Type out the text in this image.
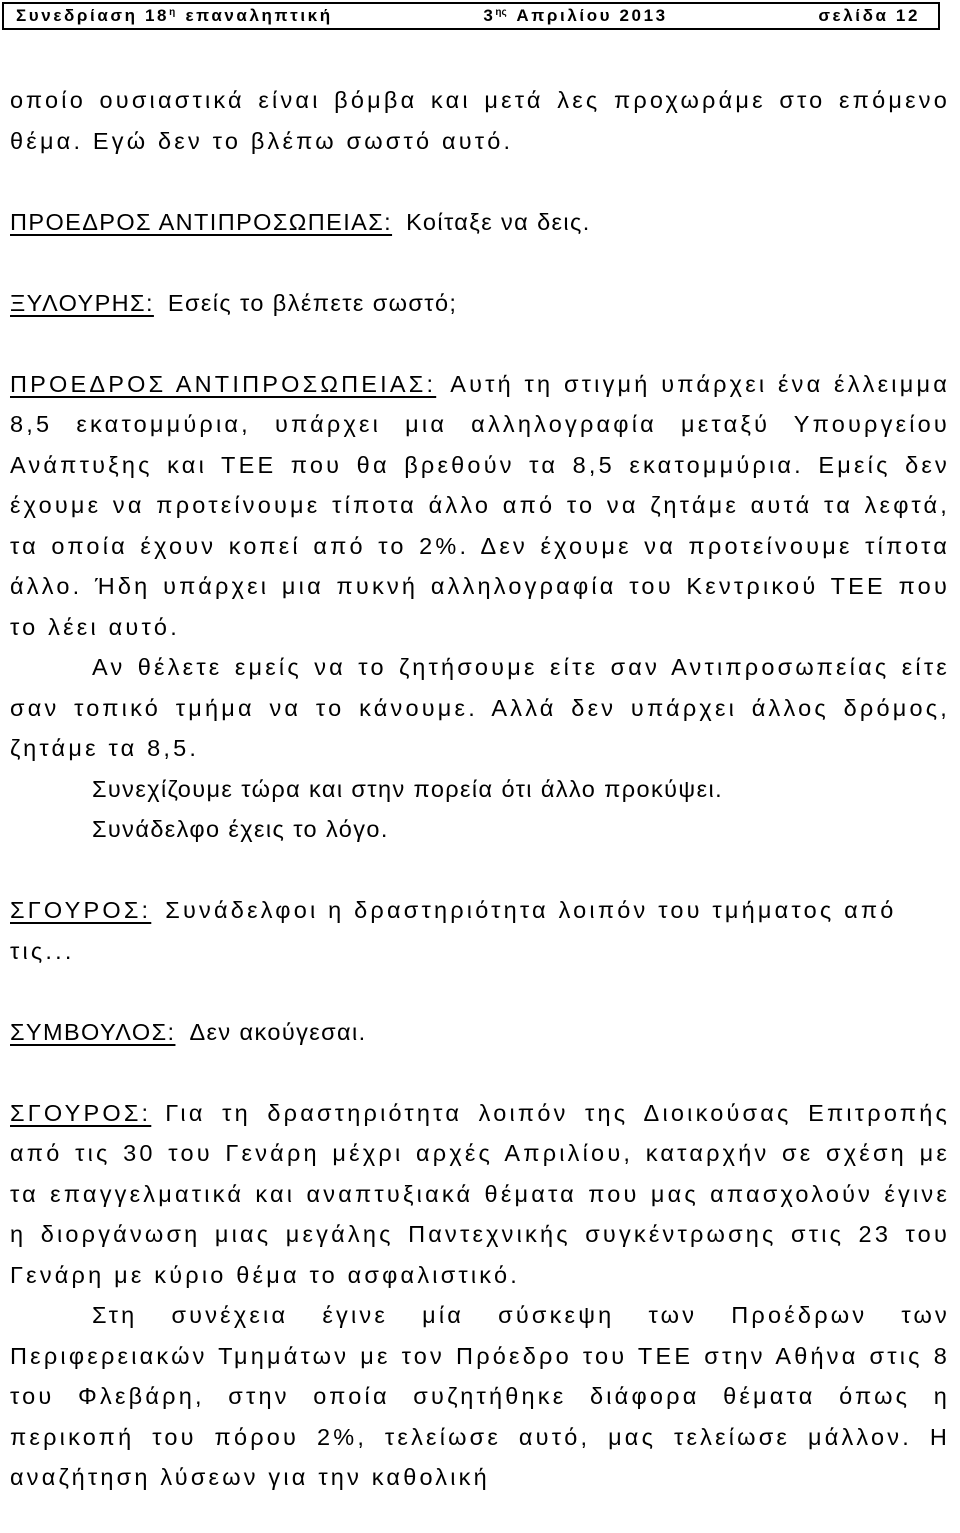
Συνεδρίαση $18^\eta$ επαναληπτική	$3^{\eta\varsigma}$ Απριλίου 2013	σελίδα 12

οποίο ουσιαστικά είναι βόμβα και μετά λες προχωράμε στο επόμενο θέμα. Εγώ δεν το βλέπω σωστό αυτό.

ΠΡΟΕΔΡΟΣ ΑΝΤΙΠΡΟΣΩΠΕΙΑΣ: Κοίταξε να δεις.

ΞΥΛΟΥΡΗΣ: Εσείς το βλέπετε σωστό;

ΠΡΟΕΔΡΟΣ ΑΝΤΙΠΡΟΣΩΠΕΙΑΣ: Αυτή τη στιγμή υπάρχει ένα έλλειμμα 8,5 εκατομμύρια, υπάρχει μια αλληλογραφία μεταξύ Υπουργείου Ανάπτυξης και ΤΕΕ που θα βρεθούν τα 8,5 εκατομμύρια. Εμείς δεν έχουμε να προτείνουμε τίποτα άλλο από το να ζητάμε αυτά τα λεφτά, τα οποία έχουν κοπεί από το 2%. Δεν έχουμε να προτείνουμε τίποτα άλλο. Ήδη υπάρχει μια πυκνή αλληλογραφία του Κεντρικού ΤΕΕ που το λέει αυτό.

Αν θέλετε εμείς να το ζητήσουμε είτε σαν Αντιπροσωπείας είτε σαν τοπικό τμήμα να το κάνουμε. Αλλά δεν υπάρχει άλλος δρόμος, ζητάμε τα 8,5.

Συνεχίζουμε τώρα και στην πορεία ότι άλλο προκύψει.
Συνάδελφο έχεις το λόγο.

ΣΓΟΥΡΟΣ: Συνάδελφοι η δραστηριότητα λοιπόν του τμήματος από τις...

ΣΥΜΒΟΥΛΟΣ: Δεν ακούγεσαι.

ΣΓΟΥΡΟΣ: Για τη δραστηριότητα λοιπόν της Διοικούσας Επιτροπής από τις 30 του Γενάρη μέχρι αρχές Απριλίου, καταρχήν σε σχέση με τα επαγγελματικά και αναπτυξιακά θέματα που μας απασχολούν έγινε η διοργάνωση μιας μεγάλης Παντεχνικής συγκέντρωσης στις 23 του Γενάρη με κύριο θέμα το ασφαλιστικό.

Στη συνέχεια έγινε μία σύσκεψη των Προέδρων των Περιφερειακών Τμημάτων με τον Πρόεδρο του ΤΕΕ στην Αθήνα στις 8 του Φλεβάρη, στην οποία συζητήθηκε διάφορα θέματα όπως η περικοπή του πόρου 2%, τελείωσε αυτό, μας τελείωσε μάλλον. Η αναζήτηση λύσεων για την καθολική
